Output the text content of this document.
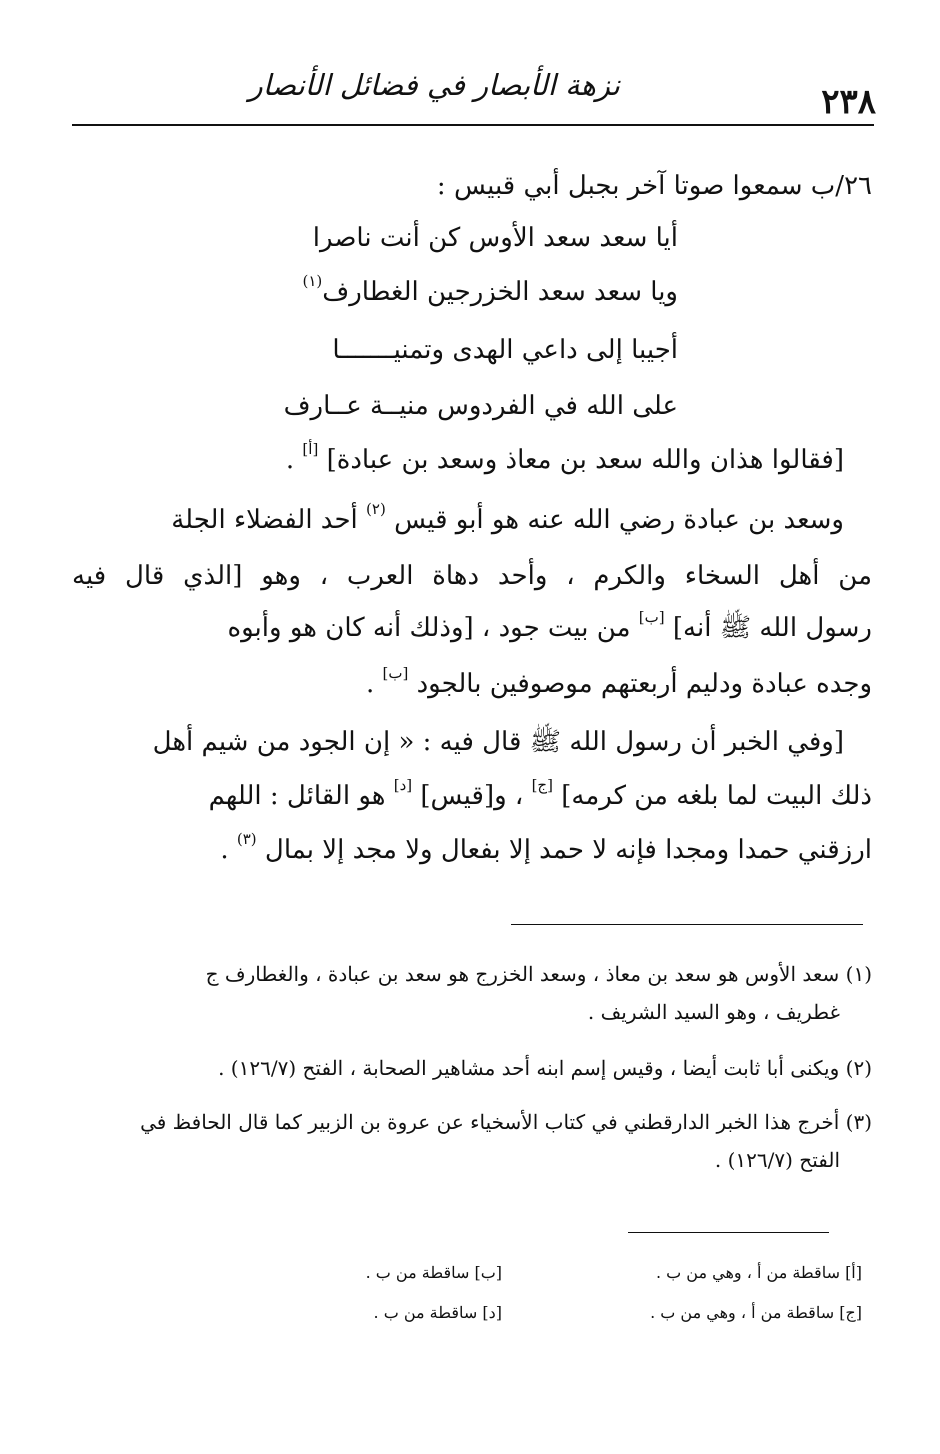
نزهة الأبصار في فضائل الأنصار	٢٣٨
٢٦/ب سمعوا صوتا آخر بجبل أبي قبيس :
أيا سعد سعد الأوس كن أنت ناصرا
ويا سعد سعد الخزرجين الغطارف$^{(١)}$
أجيبا إلى داعي الهدى وتمنيـــــــا
على الله في الفردوس منيــة عــارف
[فقالوا هذان والله سعد بن معاذ وسعد بن عبادة] [أ] .
وسعد بن عبادة رضي الله عنه هو أبو قيس $^{(٢)}$ أحد الفضلاء الجلة
من أهل السخاء والكرم ، وأحد دهاة العرب ، وهو [الذي قال فيه
رسول الله ﷺ أنه] [ب] من بيت جود ، [وذلك أنه كان هو وأبوه
وجده عبادة ودليم أربعتهم موصوفين بالجود [ب] .
[وفي الخبر أن رسول الله ﷺ قال فيه : « إن الجود من شيم أهل
ذلك البيت لما بلغه من كرمه] [ج] ، و[قيس] [د] هو القائل : اللهم
ارزقني حمدا ومجدا فإنه لا حمد إلا بفعال ولا مجد إلا بمال $^{(٣)}$ .
(١) سعد الأوس هو سعد بن معاذ ، وسعد الخزرج هو سعد بن عبادة ، والغطارف ج
غطريف ، وهو السيد الشريف .
(٢) ويكنى أبا ثابت أيضا ، وقيس إسم ابنه أحد مشاهير الصحابة ، الفتح (١٢٦/٧) .
(٣) أخرج هذا الخبر الدارقطني في كتاب الأسخياء عن عروة بن الزبير كما قال الحافظ في
الفتح (١٢٦/٧) .
[أ] ساقطة من أ ، وهي من ب .
[ب] ساقطة من ب .
[ج] ساقطة من أ ، وهي من ب .
[د] ساقطة من ب .
